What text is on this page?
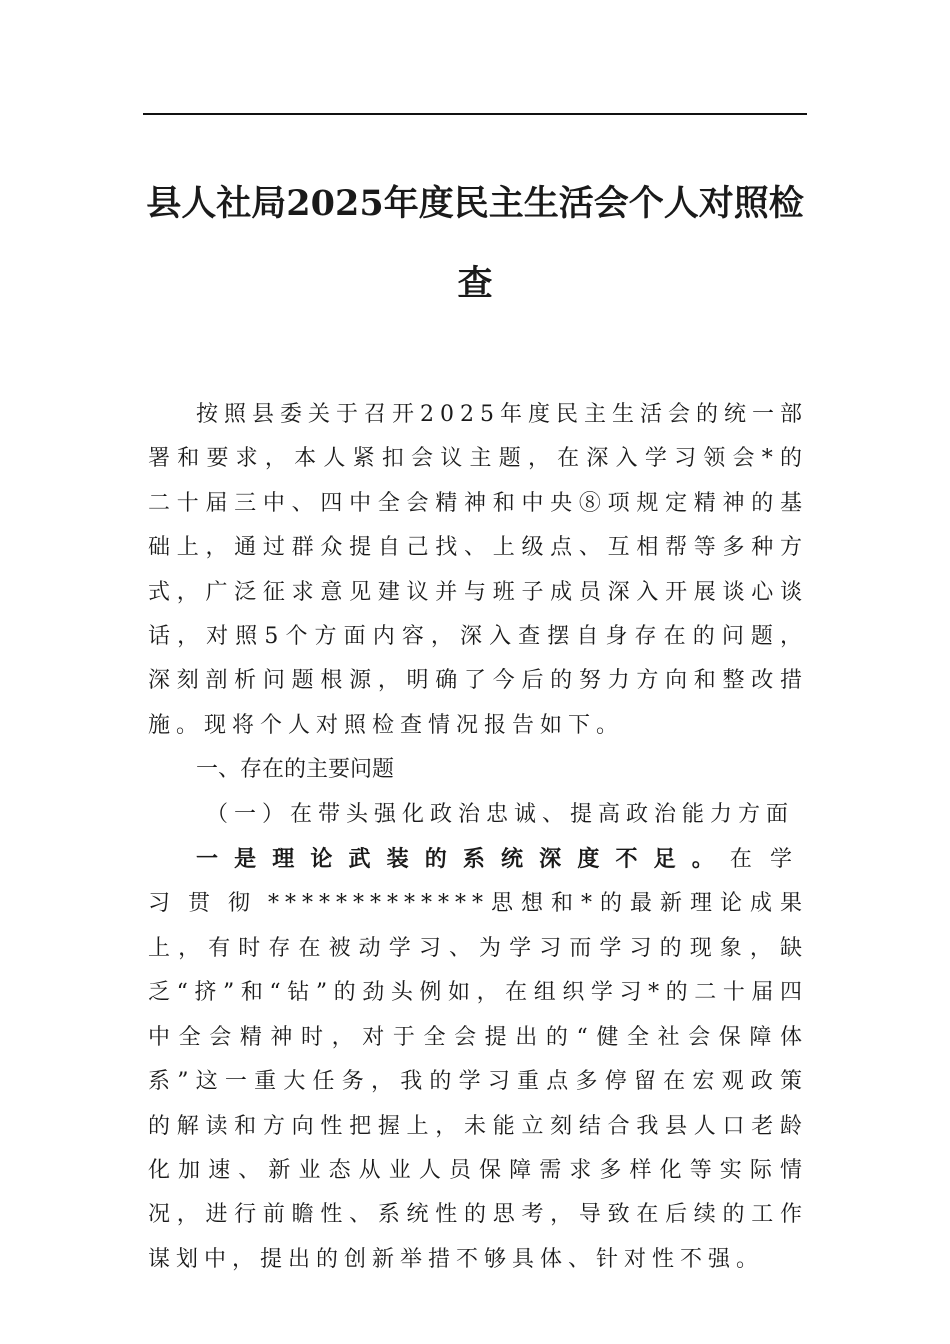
县人社局2025年度民主生活会个人对照检查

按照县委关于召开2025年度民主生活会的统一部署和要求，本人紧扣会议主题，在深入学习领会*的二十届三中、四中全会精神和中央⑧项规定精神的基础上，通过群众提自己找、上级点、互相帮等多种方式，广泛征求意见建议并与班子成员深入开展谈心谈话，对照5个方面内容，深入查摆自身存在的问题，深刻剖析问题根源，明确了今后的努力方向和整改措施。现将个人对照检查情况报告如下。

一、存在的主要问题

（一）在带头强化政治忠诚、提高政治能力方面

一是理论武装的系统深度不足。在学习贯彻*************思想和*的最新理论成果上，有时存在被动学习、为学习而学习的现象，缺乏“挤”和“钻”的劲头例如，在组织学习*的二十届四中全会精神时，对于全会提出的“健全社会保障体系”这一重大任务，我的学习重点多停留在宏观政策的解读和方向性把握上，未能立刻结合我县人口老龄化加速、新业态从业人员保障需求多样化等实际情况，进行前瞻性、系统性的思考，导致在后续的工作谋划中，提出的创新举措不够具体、针对性不强。
